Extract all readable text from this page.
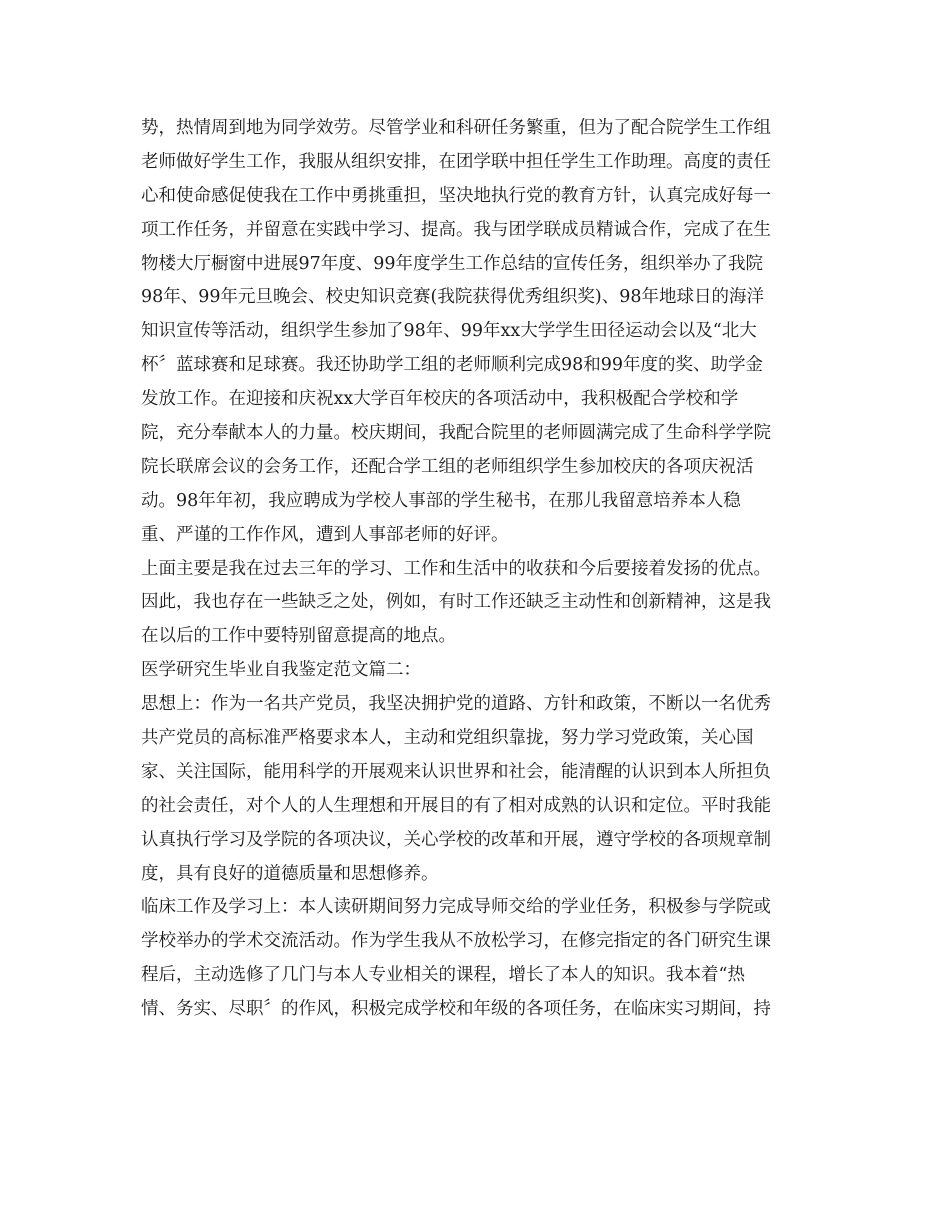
势，热情周到地为同学效劳。尽管学业和科研任务繁重，但为了配合院学生工作组
老师做好学生工作，我服从组织安排，在团学联中担任学生工作助理。高度的责任
心和使命感促使我在工作中勇挑重担，坚决地执行党的教育方针，认真完成好每一
项工作任务，并留意在实践中学习、提高。我与团学联成员精诚合作，完成了在生
物楼大厅橱窗中进展97年度、99年度学生工作总结的宣传任务，组织举办了我院
98年、99年元旦晚会、校史知识竞赛(我院获得优秀组织奖)、98年地球日的海洋
知识宣传等活动，组织学生参加了98年、99年xx大学学生田径运动会以及“北大
杯〞蓝球赛和足球赛。我还协助学工组的老师顺利完成98和99年度的奖、助学金
发放工作。在迎接和庆祝xx大学百年校庆的各项活动中，我积极配合学校和学
院，充分奉献本人的力量。校庆期间，我配合院里的老师圆满完成了生命科学学院
院长联席会议的会务工作，还配合学工组的老师组织学生参加校庆的各项庆祝活
动。98年年初，我应聘成为学校人事部的学生秘书，在那儿我留意培养本人稳
重、严谨的工作作风，遭到人事部老师的好评。
上面主要是我在过去三年的学习、工作和生活中的收获和今后要接着发扬的优点。
因此，我也存在一些缺乏之处，例如，有时工作还缺乏主动性和创新精神，这是我
在以后的工作中要特别留意提高的地点。
医学研究生毕业自我鉴定范文篇二：
思想上：作为一名共产党员，我坚决拥护党的道路、方针和政策，不断以一名优秀
共产党员的高标准严格要求本人，主动和党组织靠拢，努力学习党政策，关心国
家、关注国际，能用科学的开展观来认识世界和社会，能清醒的认识到本人所担负
的社会责任，对个人的人生理想和开展目的有了相对成熟的认识和定位。平时我能
认真执行学习及学院的各项决议，关心学校的改革和开展，遵守学校的各项规章制
度，具有良好的道德质量和思想修养。
临床工作及学习上：本人读研期间努力完成导师交给的学业任务，积极参与学院或
学校举办的学术交流活动。作为学生我从不放松学习，在修完指定的各门研究生课
程后，主动选修了几门与本人专业相关的课程，增长了本人的知识。我本着“热
情、务实、尽职〞的作风，积极完成学校和年级的各项任务，在临床实习期间，持
